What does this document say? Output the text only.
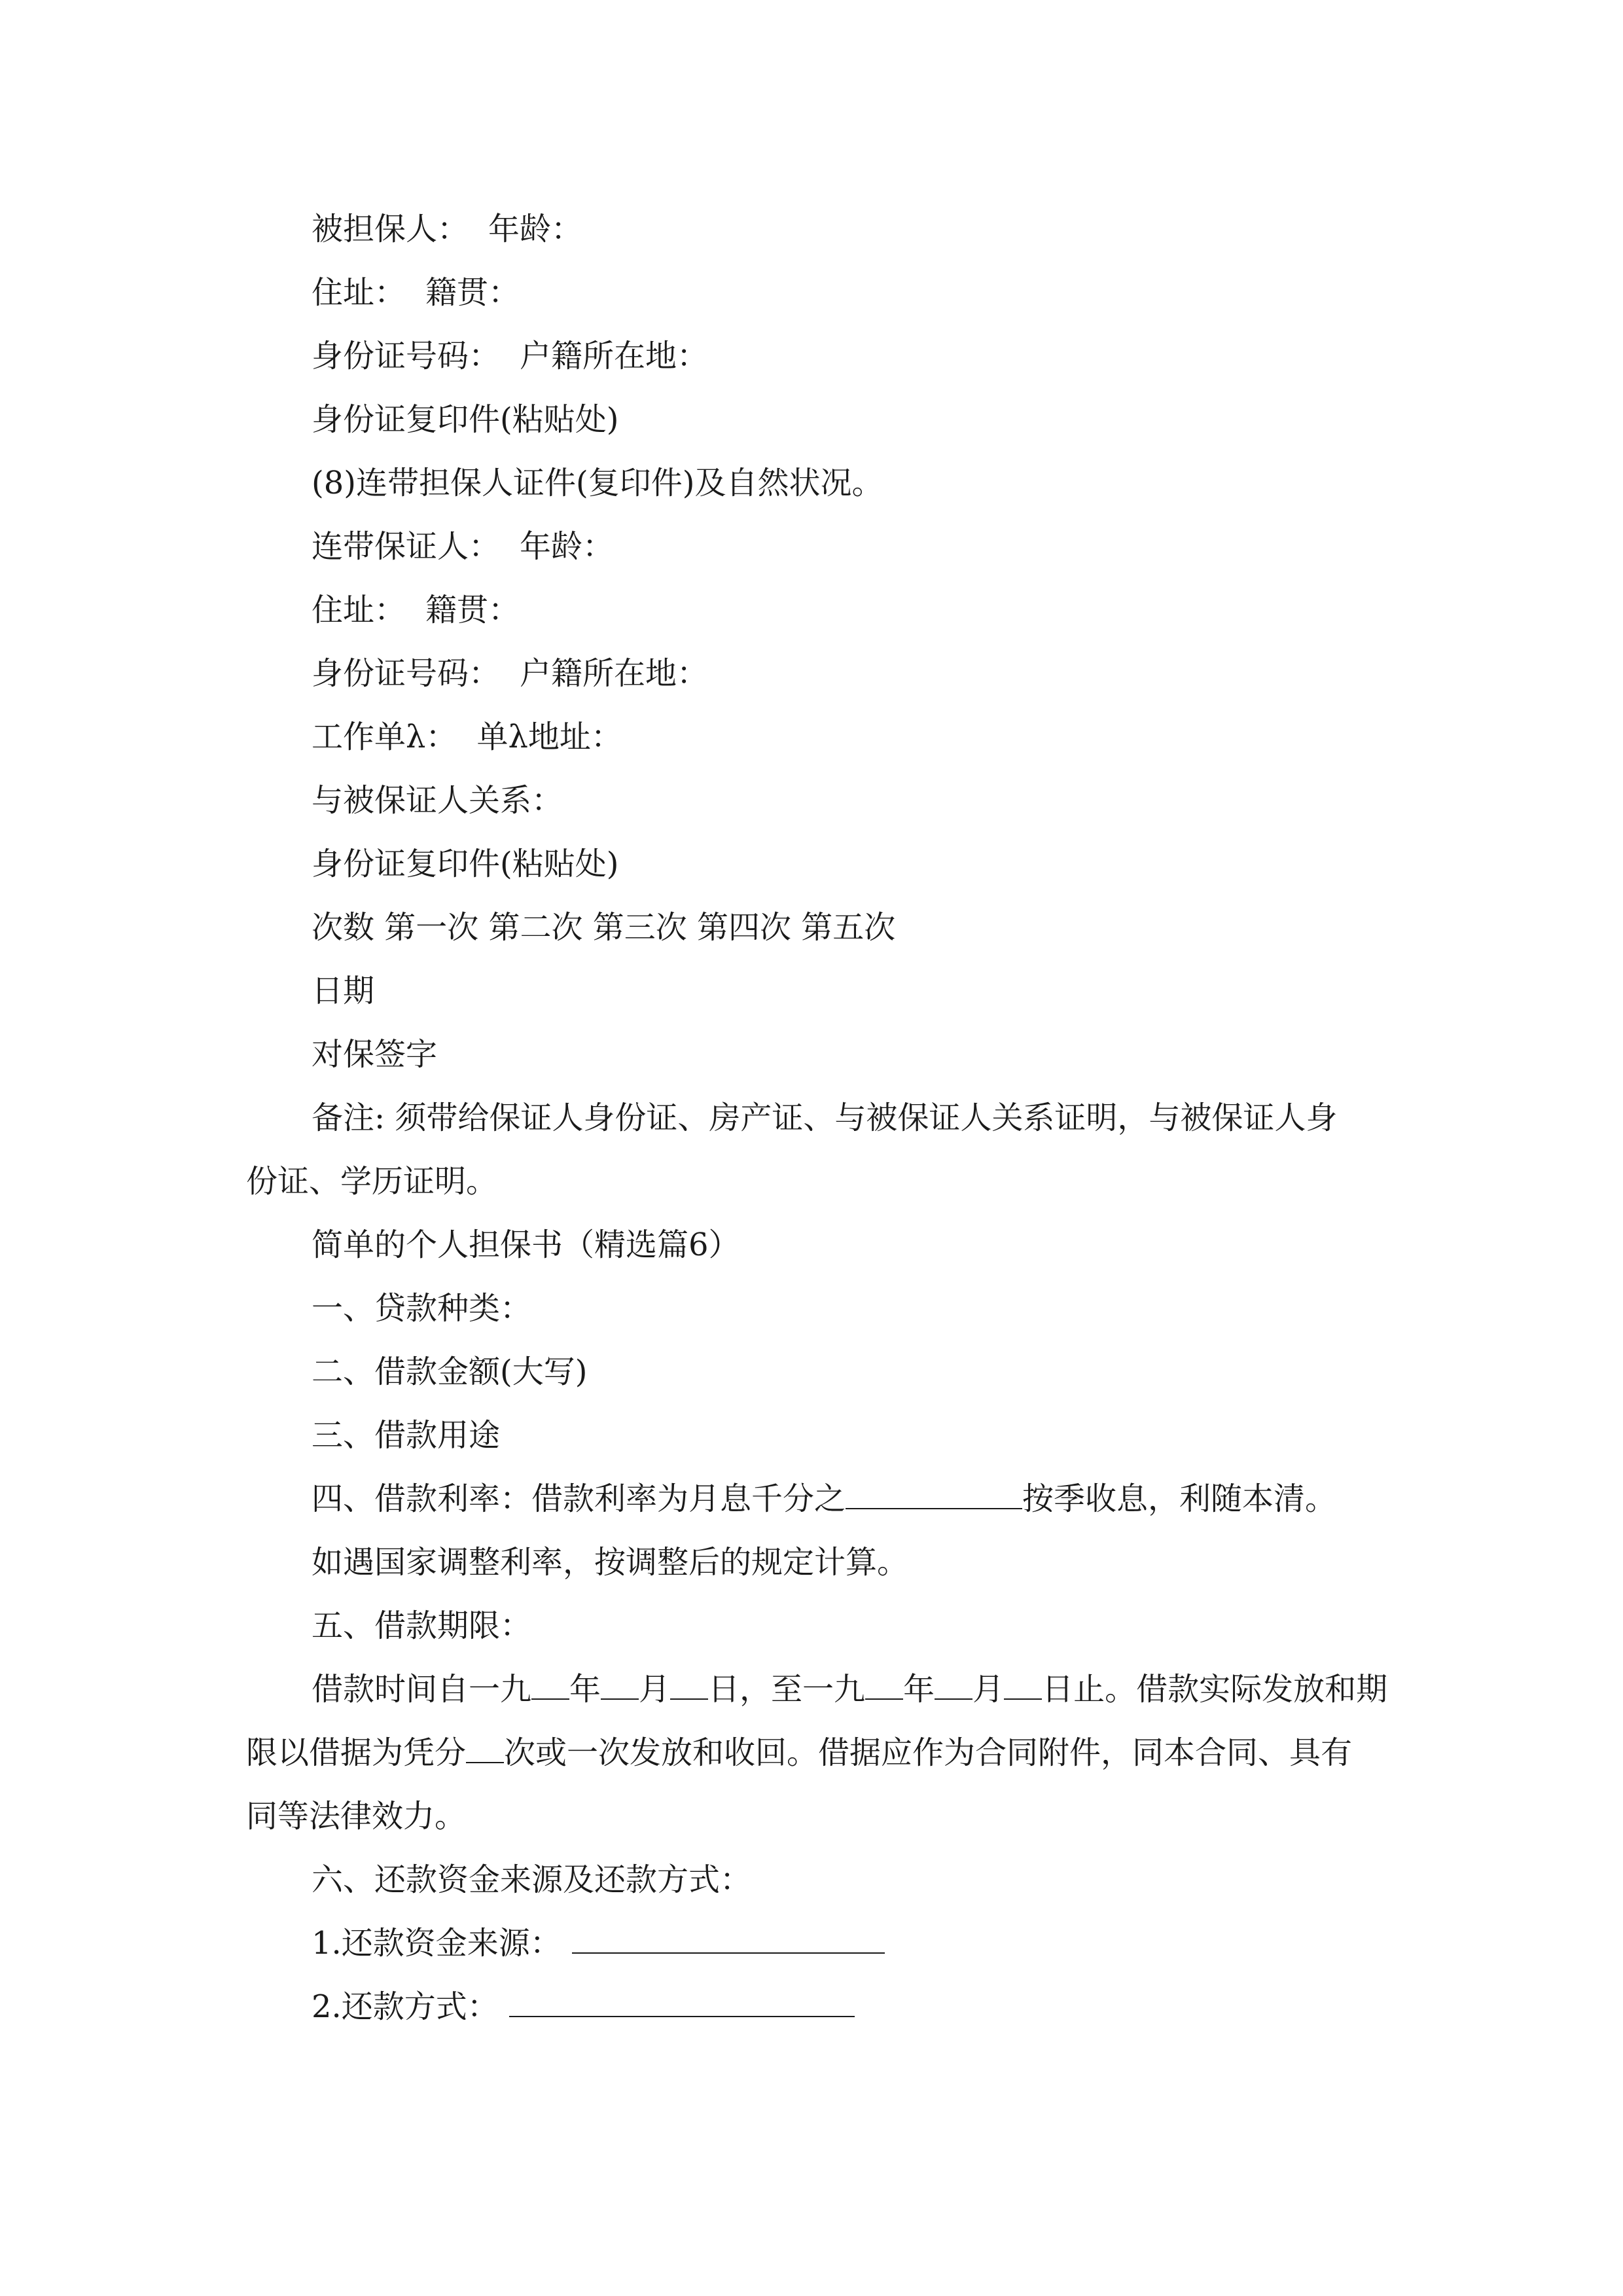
被担保人： 年龄：
住址： 籍贯：
身份证号码： 户籍所在地：
身份证复印件(粘贴处)
(8)连带担保人证件(复印件)及自然状况。
连带保证人： 年龄：
住址： 籍贯：
身份证号码： 户籍所在地：
工作单λ： 单λ地址：
与被保证人关系：
身份证复印件(粘贴处)
次数 第一次 第二次 第三次 第四次 第五次
日期
对保签字
备注: 须带给保证人身份证、房产证、与被保证人关系证明，与被保证人身
份证、学历证明。
简单的个人担保书（精选篇6）
一、贷款种类：
二、借款金额(大写)
三、借款用途
四、借款利率：借款利率为月息千分之	按季收息，利随本清。
如遇国家调整利率，按调整后的规定计算。
五、借款期限：
借款时间自一九 年 月 日，至一九 年 月 日止。借款实际发放和期
限以借据为凭分 次或一次发放和收回。借据应作为合同附件，同本合同、具有
同等法律效力。
六、还款资金来源及还款方式：
1.还款资金来源：
2.还款方式：
